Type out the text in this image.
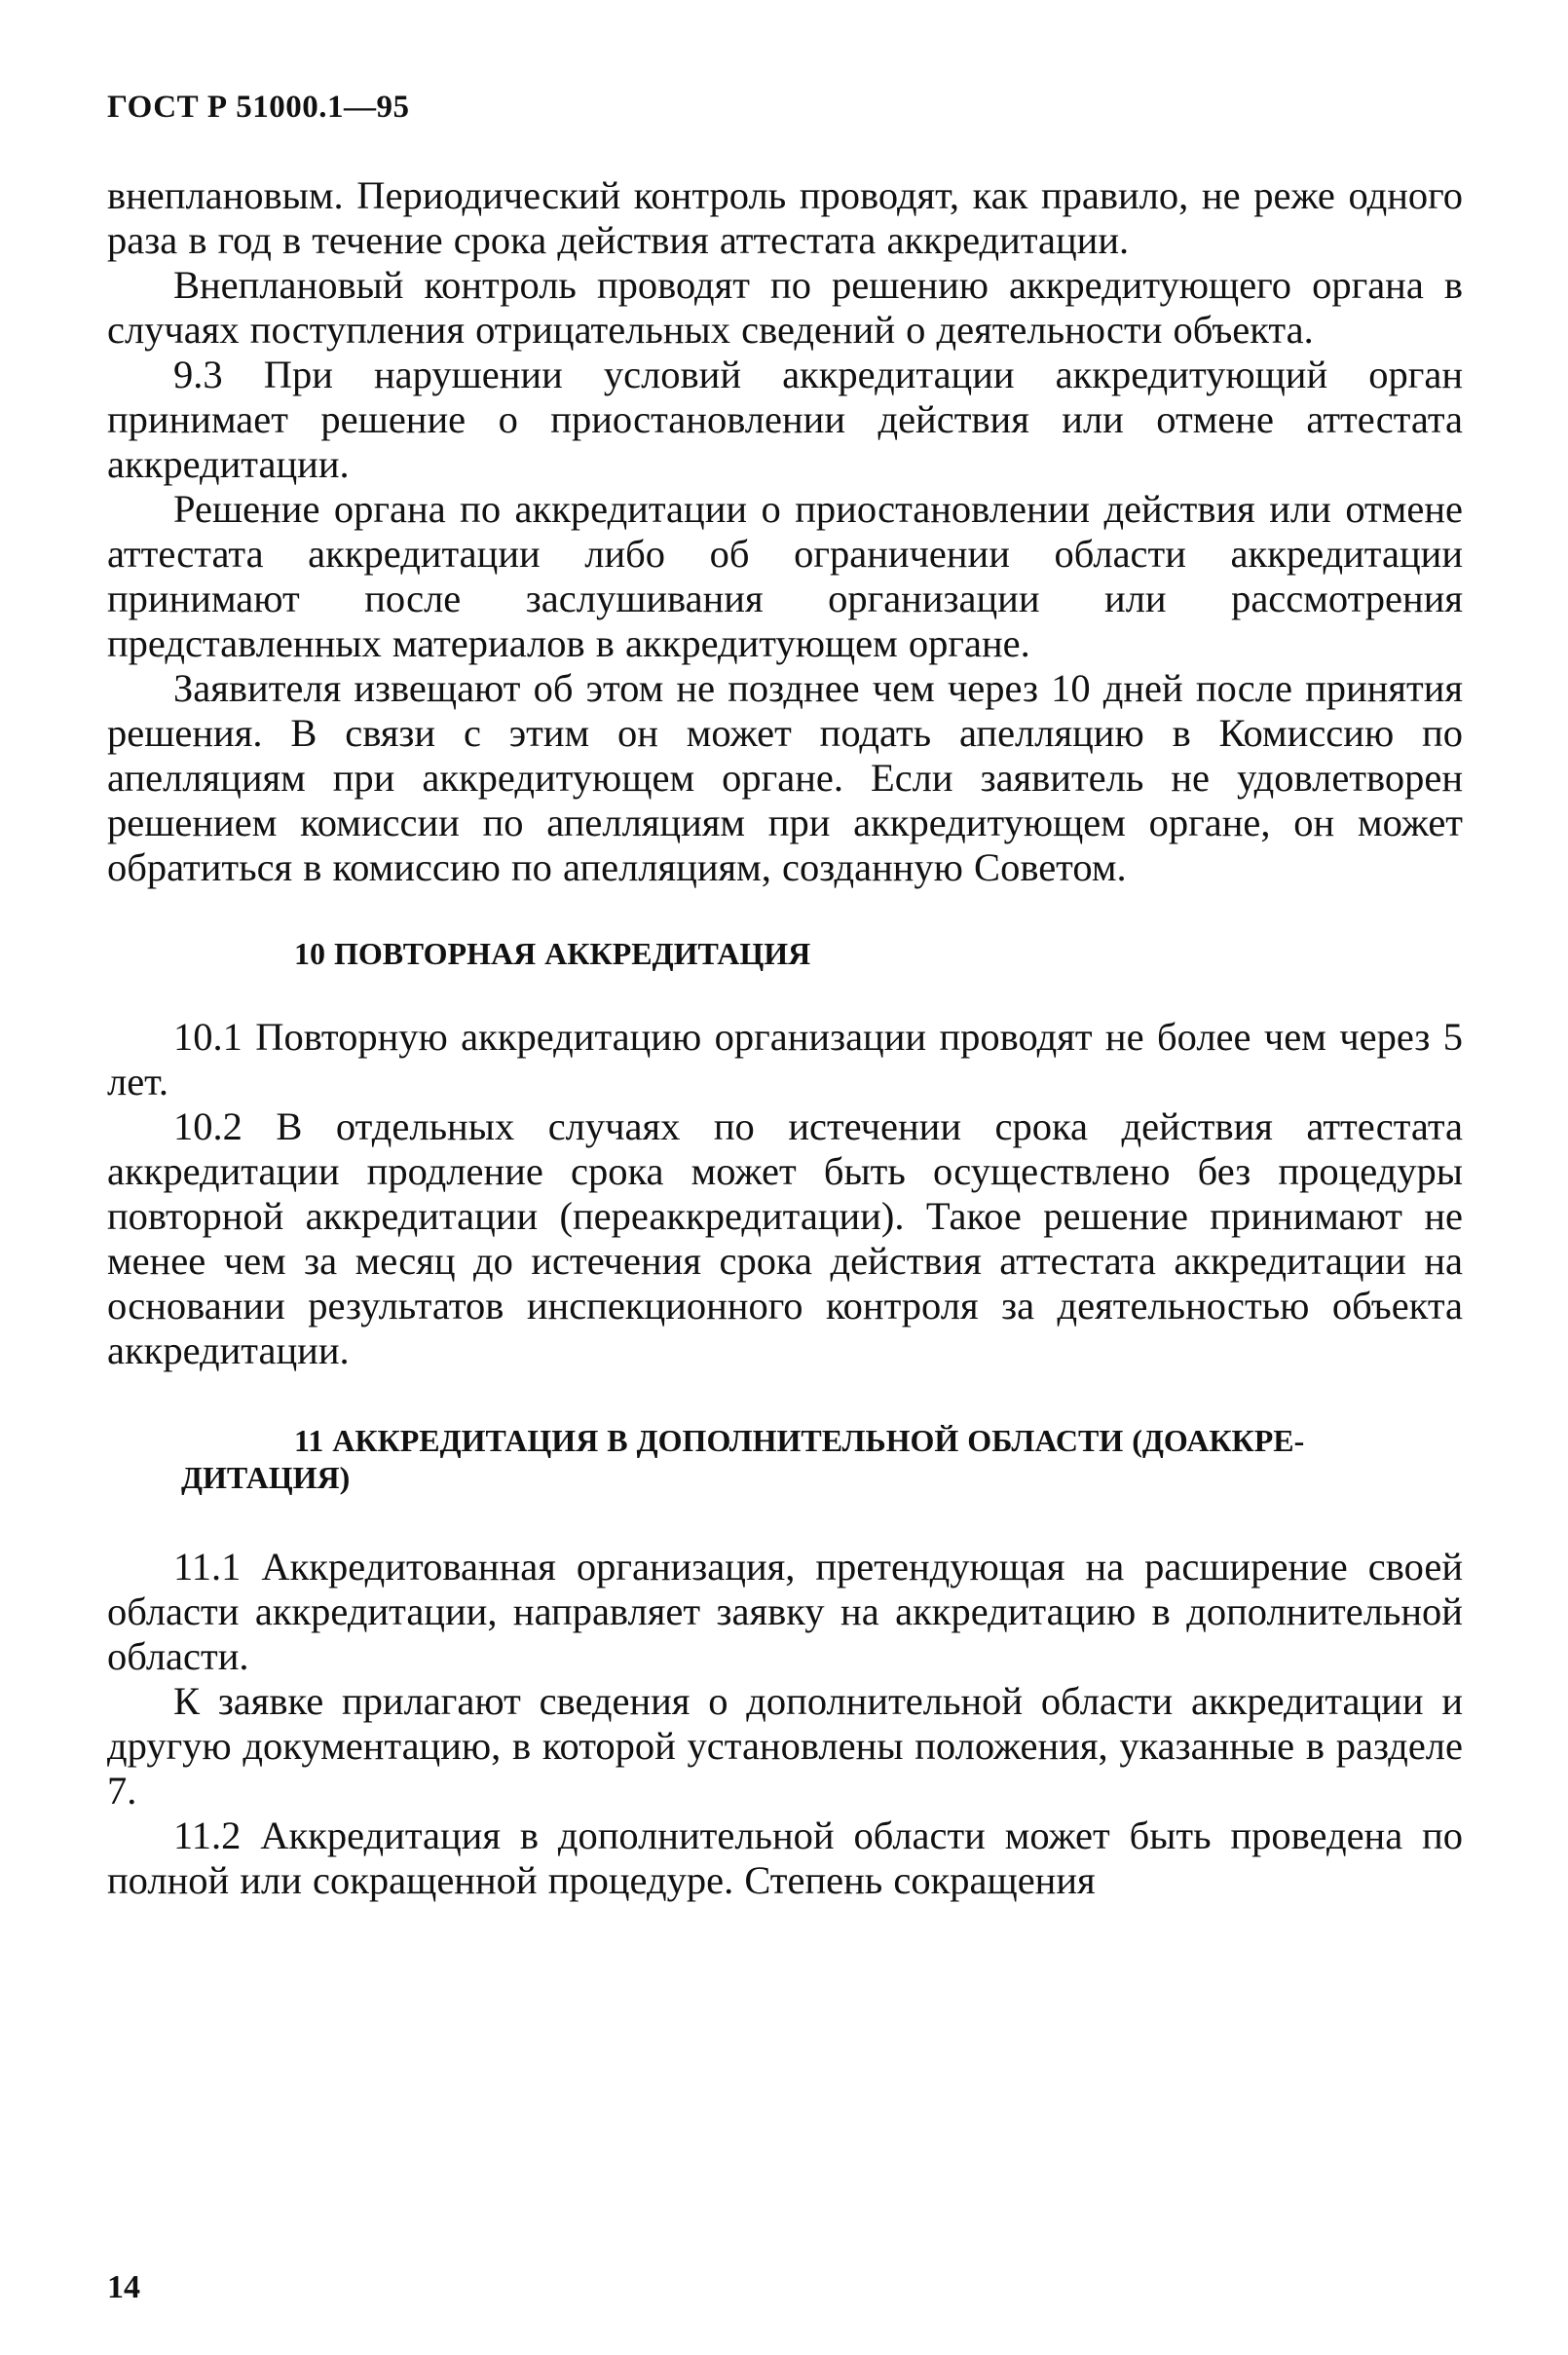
ГОСТ Р 51000.1—95

внеплановым. Периодический контроль проводят, как правило, не реже одного раза в год в течение срока действия аттестата аккредитации.

Внеплановый контроль проводят по решению аккредитующего органа в случаях поступления отрицательных сведений о деятельности объекта.

9.3 При нарушении условий аккредитации аккредитующий орган принимает решение о приостановлении действия или отмене аттестата аккредитации.

Решение органа по аккредитации о приостановлении действия или отмене аттестата аккредитации либо об ограничении области аккредитации принимают после заслушивания организации или рассмотрения представленных материалов в аккредитующем органе.

Заявителя извещают об этом не позднее чем через 10 дней после принятия решения. В связи с этим он может подать апелляцию в Комиссию по апелляциям при аккредитующем органе. Если заявитель не удовлетворен решением комиссии по апелляциям при аккредитующем органе, он может обратиться в комиссию по апелляциям, созданную Советом.

10 ПОВТОРНАЯ АККРЕДИТАЦИЯ

10.1 Повторную аккредитацию организации проводят не более чем через 5 лет.

10.2 В отдельных случаях по истечении срока действия аттестата аккредитации продление срока может быть осуществлено без процедуры повторной аккредитации (переаккредитации). Такое решение принимают не менее чем за месяц до истечения срока действия аттестата аккредитации на основании результатов инспекционного контроля за деятельностью объекта аккредитации.

11 АККРЕДИТАЦИЯ В ДОПОЛНИТЕЛЬНОЙ ОБЛАСТИ (ДОАККРЕ-
ДИТАЦИЯ)

11.1 Аккредитованная организация, претендующая на расширение своей области аккредитации, направляет заявку на аккредитацию в дополнительной области.

К заявке прилагают сведения о дополнительной области аккредитации и другую документацию, в которой установлены положения, указанные в разделе 7.

11.2 Аккредитация в дополнительной области может быть проведена по полной или сокращенной процедуре. Степень сокращения

14
